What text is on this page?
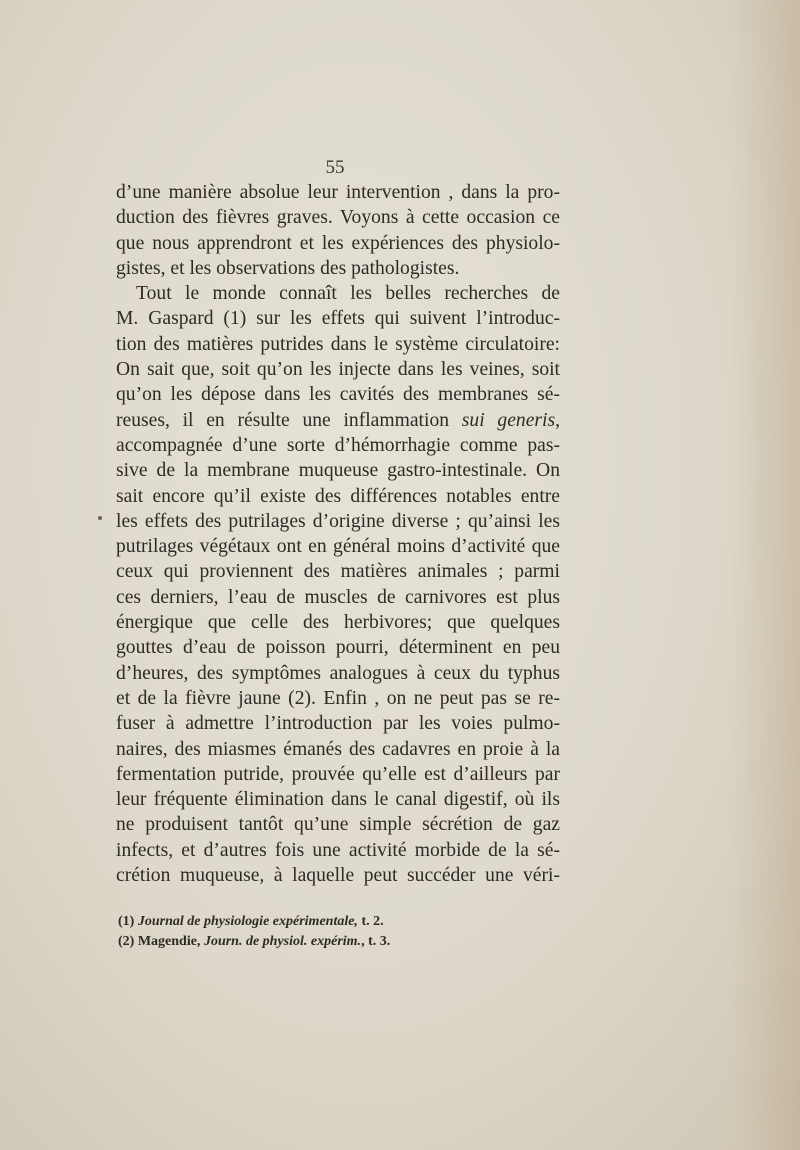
55
d’une manière absolue leur intervention , dans la pro-
duction des fièvres graves. Voyons à cette occasion ce
que nous apprendront et les expériences des physiolo-
gistes, et les observations des pathologistes.
Tout le monde connaît les belles recherches de
M. Gaspard (1) sur les effets qui suivent l’introduc-
tion des matières putrides dans le système circulatoire:
On sait que, soit qu’on les injecte dans les veines, soit
qu’on les dépose dans les cavités des membranes sé-
reuses, il en résulte une inflammation sui generis,
accompagnée d’une sorte d’hémorrhagie comme pas-
sive de la membrane muqueuse gastro-intestinale. On
sait encore qu’il existe des différences notables entre
les effets des putrilages d’origine diverse ; qu’ainsi les
putrilages végétaux ont en général moins d’activité que
ceux qui proviennent des matières animales ; parmi
ces derniers, l’eau de muscles de carnivores est plus
énergique que celle des herbivores; que quelques
gouttes d’eau de poisson pourri, déterminent en peu
d’heures, des symptômes analogues à ceux du typhus
et de la fièvre jaune (2). Enfin , on ne peut pas se re-
fuser à admettre l’introduction par les voies pulmo-
naires, des miasmes émanés des cadavres en proie à la
fermentation putride, prouvée qu’elle est d’ailleurs par
leur fréquente élimination dans le canal digestif, où ils
ne produisent tantôt qu’une simple sécrétion de gaz
infects, et d’autres fois une activité morbide de la sé-
crétion muqueuse, à laquelle peut succéder une véri-
(1) Journal de physiologie expérimentale, t. 2.
(2) Magendie, Journ. de physiol. expérim., t. 3.
